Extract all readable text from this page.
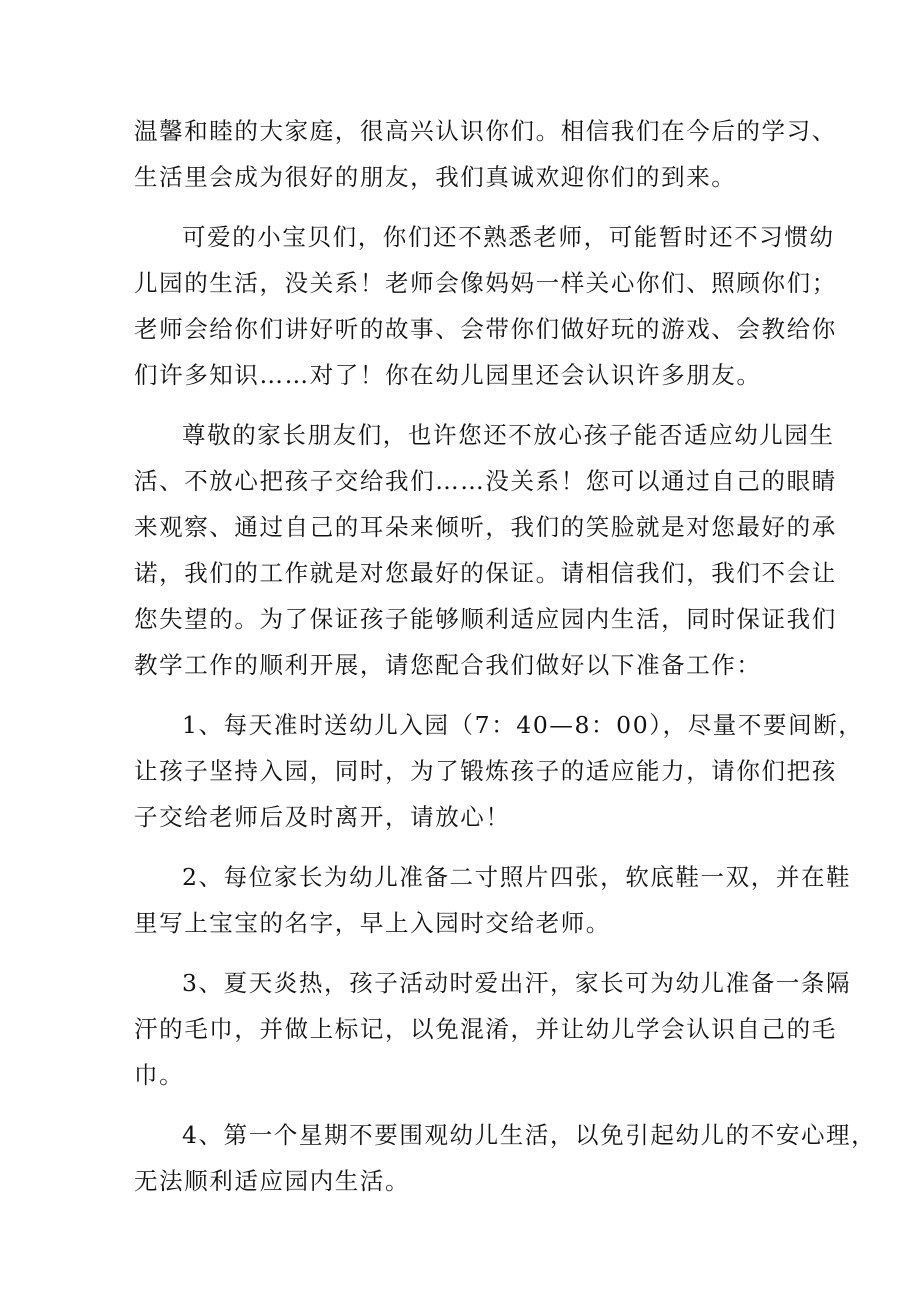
温馨和睦的大家庭，很高兴认识你们。相信我们在今后的学习、
生活里会成为很好的朋友，我们真诚欢迎你们的到来。
可爱的小宝贝们，你们还不熟悉老师，可能暂时还不习惯幼
儿园的生活，没关系！老师会像妈妈一样关心你们、照顾你们；
老师会给你们讲好听的故事、会带你们做好玩的游戏、会教给你
们许多知识……对了！你在幼儿园里还会认识许多朋友。
尊敬的家长朋友们，也许您还不放心孩子能否适应幼儿园生
活、不放心把孩子交给我们……没关系！您可以通过自己的眼睛
来观察、通过自己的耳朵来倾听，我们的笑脸就是对您最好的承
诺，我们的工作就是对您最好的保证。请相信我们，我们不会让
您失望的。为了保证孩子能够顺利适应园内生活，同时保证我们
教学工作的顺利开展，请您配合我们做好以下准备工作：
1、每天准时送幼儿入园（7：40—8：00），尽量不要间断，
让孩子坚持入园，同时，为了锻炼孩子的适应能力，请你们把孩
子交给老师后及时离开，请放心！
2、每位家长为幼儿准备二寸照片四张，软底鞋一双，并在鞋
里写上宝宝的名字，早上入园时交给老师。
3、夏天炎热，孩子活动时爱出汗，家长可为幼儿准备一条隔
汗的毛巾，并做上标记，以免混淆，并让幼儿学会认识自己的毛
巾。
4、第一个星期不要围观幼儿生活，以免引起幼儿的不安心理，
无法顺利适应园内生活。
